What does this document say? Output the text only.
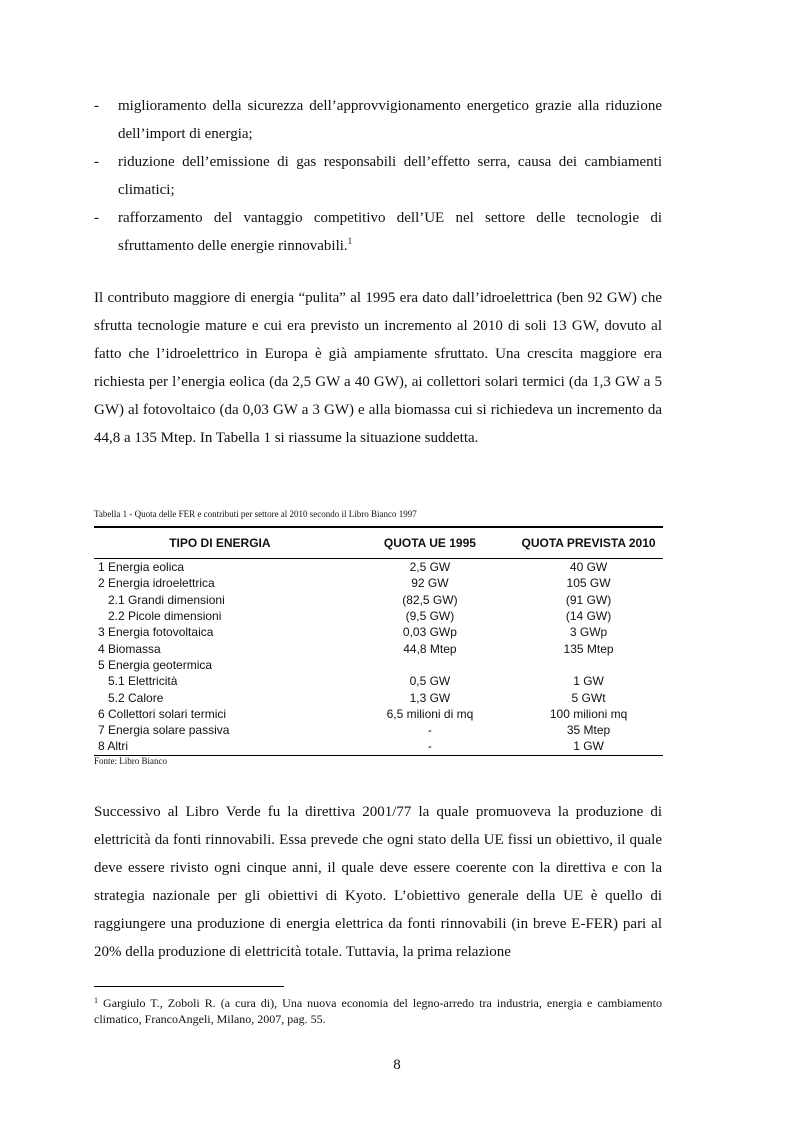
- miglioramento della sicurezza dell’approvvigionamento energetico grazie alla riduzione dell’import di energia;
- riduzione dell’emissione di gas responsabili dell’effetto serra, causa dei cambiamenti climatici;
- rafforzamento del vantaggio competitivo dell’UE nel settore delle tecnologie di sfruttamento delle energie rinnovabili.$^1$

Il contributo maggiore di energia “pulita” al 1995 era dato dall’idroelettrica (ben 92 GW) che sfrutta tecnologie mature e cui era previsto un incremento al 2010 di soli 13 GW, dovuto al fatto che l’idroelettrico in Europa è già ampiamente sfruttato. Una crescita maggiore era richiesta per l’energia eolica (da 2,5 GW a 40 GW), ai collettori solari termici (da 1,3 GW a 5 GW) al fotovoltaico (da 0,03 GW a 3 GW) e alla biomassa cui si richiedeva un incremento da 44,8 a 135 Mtep. In Tabella 1 si riassume la situazione suddetta.

Tabella 1 - Quota delle FER e contributi per settore al 2010 secondo il Libro Bianco 1997
TIPO DI ENERGIA	QUOTA UE 1995	QUOTA PREVISTA 2010
1 Energia eolica	2,5 GW	40 GW
2 Energia idroelettrica	92 GW	105 GW
2.1 Grandi dimensioni	(82,5 GW)	(91 GW)
2.2 Picole dimensioni	(9,5 GW)	(14 GW)
3 Energia fotovoltaica	0,03 GWp	3 GWp
4 Biomassa	44,8 Mtep	135 Mtep
5 Energia geotermica		
5.1 Elettricità	0,5 GW	1 GW
5.2 Calore	1,3 GW	5 GWt
6 Collettori solari termici	6,5 milioni di mq	100 milioni mq
7 Energia solare passiva	-	35 Mtep
8 Altri	-	1 GW
Fonte: Libro Bianco

Successivo al Libro Verde fu la direttiva 2001/77 la quale promuoveva la produzione di elettricità da fonti rinnovabili. Essa prevede che ogni stato della UE fissi un obiettivo, il quale deve essere rivisto ogni cinque anni, il quale deve essere coerente con la direttiva e con la strategia nazionale per gli obiettivi di Kyoto. L’obiettivo generale della UE è quello di raggiungere una produzione di energia elettrica da fonti rinnovabili (in breve E-FER) pari al 20% della produzione di elettricità totale. Tuttavia, la prima relazione

$^1$ Gargiulo T., Zoboli R. (a cura di), Una nuova economia del legno-arredo tra industria, energia e cambiamento climatico, FrancoAngeli, Milano, 2007, pag. 55.

8
